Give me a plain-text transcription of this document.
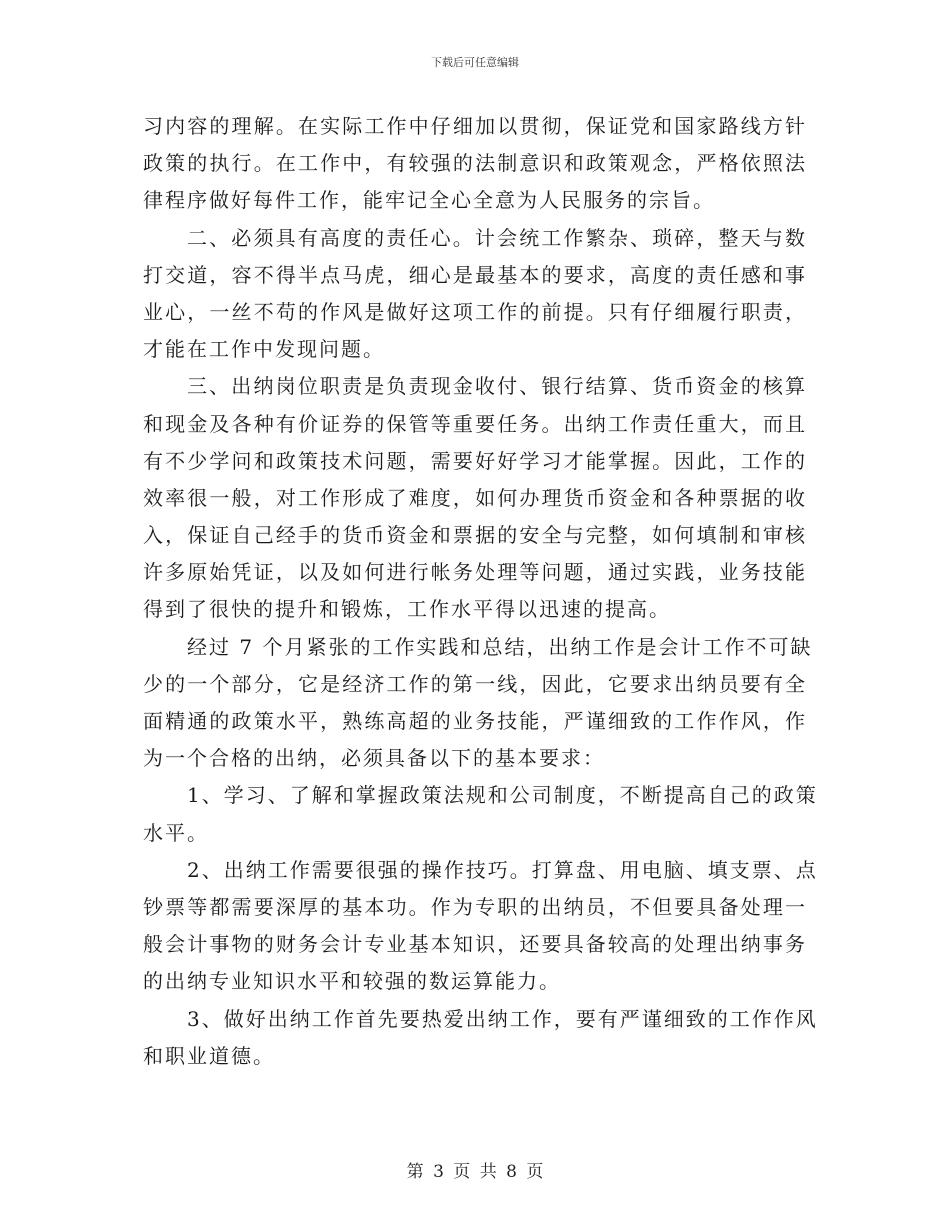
下载后可任意编辑
习内容的理解。在实际工作中仔细加以贯彻，保证党和国家路线方针
政策的执行。在工作中，有较强的法制意识和政策观念，严格依照法
律程序做好每件工作，能牢记全心全意为人民服务的宗旨。
二、必须具有高度的责任心。计会统工作繁杂、琐碎，整天与数
打交道，容不得半点马虎，细心是最基本的要求，高度的责任感和事
业心，一丝不苟的作风是做好这项工作的前提。只有仔细履行职责，
才能在工作中发现问题。
三、出纳岗位职责是负责现金收付、银行结算、货币资金的核算
和现金及各种有价证券的保管等重要任务。出纳工作责任重大，而且
有不少学问和政策技术问题，需要好好学习才能掌握。因此，工作的
效率很一般，对工作形成了难度，如何办理货币资金和各种票据的收
入，保证自己经手的货币资金和票据的安全与完整，如何填制和审核
许多原始凭证，以及如何进行帐务处理等问题，通过实践，业务技能
得到了很快的提升和锻炼，工作水平得以迅速的提高。
经过 7 个月紧张的工作实践和总结，出纳工作是会计工作不可缺
少的一个部分，它是经济工作的第一线，因此，它要求出纳员要有全
面精通的政策水平，熟练高超的业务技能，严谨细致的工作作风，作
为一个合格的出纳，必须具备以下的基本要求：
1、学习、了解和掌握政策法规和公司制度，不断提高自己的政策
水平。
2、出纳工作需要很强的操作技巧。打算盘、用电脑、填支票、点
钞票等都需要深厚的基本功。作为专职的出纳员，不但要具备处理一
般会计事物的财务会计专业基本知识，还要具备较高的处理出纳事务
的出纳专业知识水平和较强的数运算能力。
3、做好出纳工作首先要热爱出纳工作，要有严谨细致的工作作风
和职业道德。
第 3 页 共 8 页
